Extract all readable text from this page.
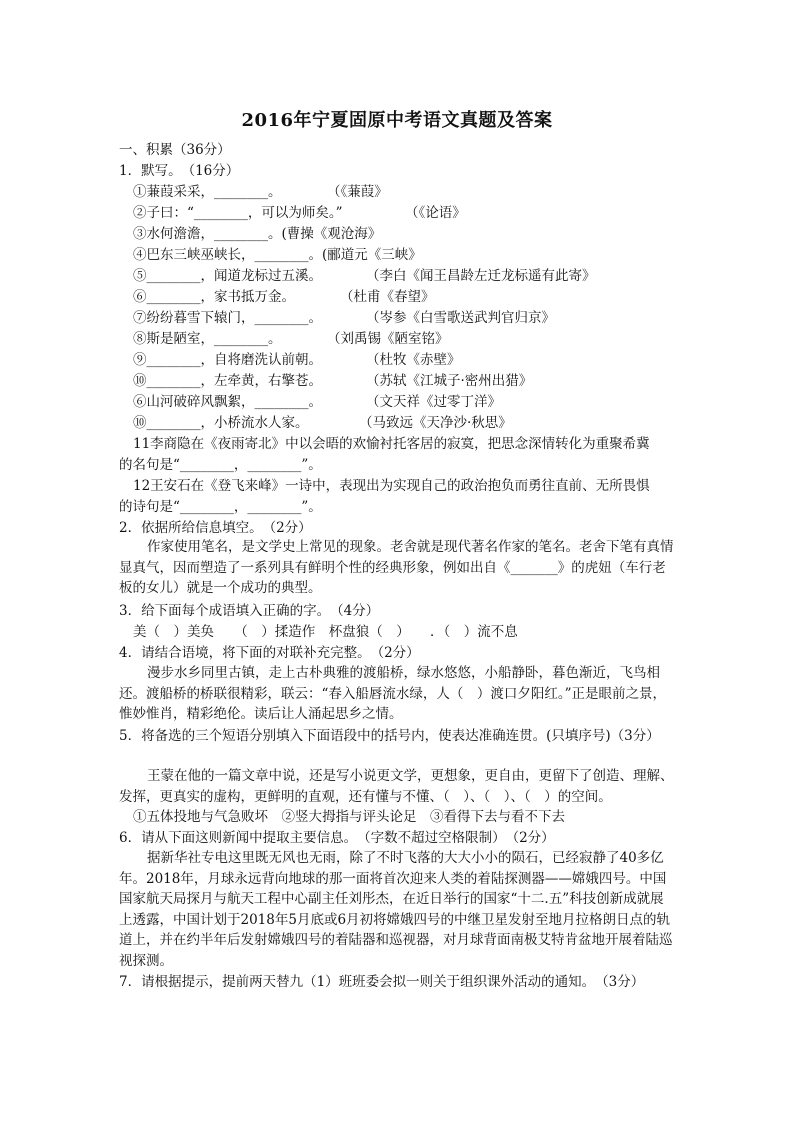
2016年宁夏固原中考语文真题及答案
一、积累（36分）
1．默写。　（16分）
①蒹葭采采，________。	（《蒹葭》
②子曰：“________，可以为师矣。”	（《论语》
③水何澹澹，________。(曹操《观沧海》
④巴东三峡巫峡长，________。(郦道元《三峡》
⑤________，闻道龙标过五溪。	（李白《闻王昌龄左迁龙标遥有此寄》
⑥________，家书抵万金。	（杜甫《春望》
⑦纷纷暮雪下辕门，________。	（岑参《白雪歌送武判官归京》
⑧斯是陋室，________。	（刘禹锡《陋室铭》
⑨________，自将磨洗认前朝。	（杜牧《赤壁》
⑩________，左牵黄，右擎苍。	（苏轼《江城子·密州出猎》
⑥山河破碎风飘絮，________。	（文天祥《过零丁洋》
⑩________，小桥流水人家。	（马致远《天净沙·秋思》
11李商隐在《夜雨寄北》中以会晤的欢愉衬托客居的寂寞，把思念深情转化为重聚希冀
的名句是“________，________”。
12王安石在《登飞来峰》一诗中，表现出为实现自己的政治抱负而勇往直前、无所畏惧
的诗句是“________，________”。
2．依据所给信息填空。　（2分）
作家使用笔名，是文学史上常见的现象。老舍就是现代著名作家的笔名。老舍下笔有真情显真气，因而塑造了一系列具有鲜明个性的经典形象，例如出自《_______》的虎妞（车行老板的女儿）就是一个成功的典型。
3．给下面每个成语填入正确的字。　（4分）
美（　）美奂　　（　）揉造作　杯盘狼（　）　　．（　）流不息
4．请结合语境，将下面的对联补充完整。　（2分）
漫步水乡同里古镇，走上古朴典雅的渡船桥，绿水悠悠，小船静卧，暮色渐近，飞鸟相还。渡船桥的桥联很精彩，联云：“春入船唇流水绿，人（　）渡口夕阳红。”正是眼前之景，惟妙惟肖，精彩绝伦。读后让人涌起思乡之情。
5．将备选的三个短语分别填入下面语段中的括号内，使表达准确连贯。(只填序号)（3分）
王蒙在他的一篇文章中说，还是写小说更文学，更想象，更自由，更留下了创造、理解、发挥，更真实的虚构，更鲜明的直观，还有懂与不懂、（　）、（　）、（　）的空间。
①五体投地与气急败坏　②竖大拇指与评头论足　③看得下去与看不下去
6．请从下面这则新闻中提取主要信息。　（字数不超过空格限制）　（2分）
据新华社专电这里既无风也无雨，除了不时飞落的大大小小的陨石，已经寂静了40多亿年。2018年，月球永远背向地球的那一面将首次迎来人类的着陆探测器——嫦娥四号。中国国家航天局探月与航天工程中心副主任刘彤杰，在近日举行的国家“十二.五”科技创新成就展上透露，中国计划于2018年5月底或6月初将嫦娥四号的中继卫星发射至地月拉格朗日点的轨道上，并在约半年后发射嫦娥四号的着陆器和巡视器，对月球背面南极艾特肯盆地开展着陆巡视探测。
7．请根据提示，提前两天替九（1）班班委会拟一则关于组织课外活动的通知。　（3分）
